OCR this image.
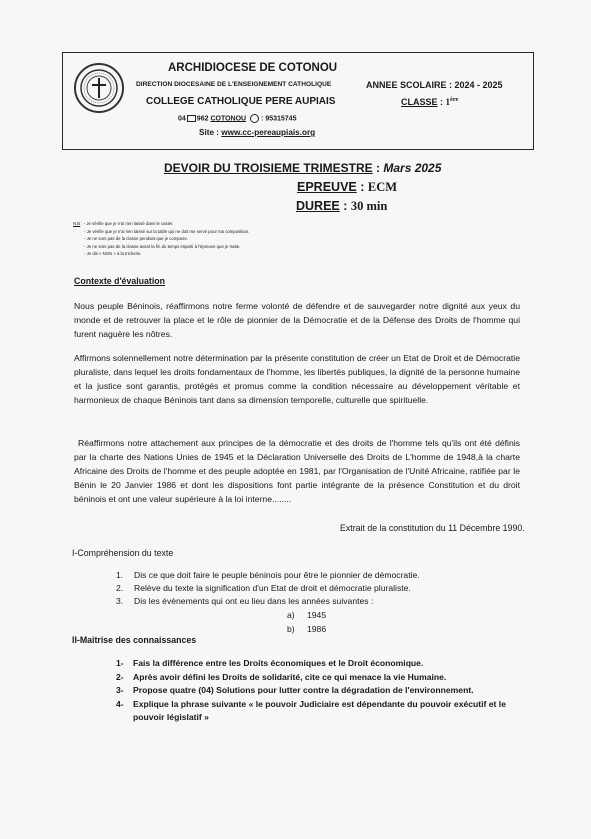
ARCHIDIOCESE DE COTONOU
DIRECTION DIOCESAINE DE L'ENSEIGNEMENT CATHOLIQUE
COLLEGE CATHOLIQUE PERE AUPIAIS
04 962 COTONOU : 95315745
Site : www.cc-pereaupiais.org
ANNEE SCOLAIRE : 2024 - 2025
CLASSE : 1ère
DEVOIR DU TROISIEME TRIMESTRE : Mars 2025
EPREUVE : ECM
DUREE : 30 min
N.B : - Je vérifie que je n'ai rien laissé dans le casier.
- Je vérifie que je n'ai rien laissé sur la table qui ne doit me servir pour ma composition.
- Je ne sors pas de la classe pendant que je compose.
- Je ne sors pas de la classe avant la fin du temps imparti à l'épreuve que je traite.
- Je dis « NON » à la tricherie.
Contexte d'évaluation
Nous peuple Béninois, réaffirmons notre ferme volonté de défendre et de sauvegarder notre dignité aux yeux du monde et de retrouver la place et le rôle de pionnier de la Démocratie et de la Défense des Droits de l'homme qui furent naguère les nôtres.
Affirmons solennellement notre détermination par la présente constitution de créer un Etat de Droit et de Démocratie pluraliste, dans lequel les droits fondamentaux de l'homme, les libertés publiques, la dignité de la personne humaine et la justice sont garantis, protégés et promus comme la condition nécessaire au développement véritable et harmonieux de chaque Béninois tant dans sa dimension temporelle, culturelle que spirituelle.
Réaffirmons notre attachement aux principes de la démocratie et des droits de l'homme tels qu'ils ont été définis par la charte des Nations Unies de 1945 et la Déclaration Universelle des Droits de L'homme de 1948,à la charte Africaine des Droits de l'homme et des peuple adoptée en 1981, par l'Organisation de l'Unité Africaine, ratifiée par le Bénin le 20 Janvier 1986 et dont les dispositions font partie intégrante de la présence Constitution et du droit béninois et ont une valeur supérieure à la loi interne........
Extrait de la constitution du 11 Décembre 1990.
I-Compréhension du texte
1. Dis ce que doit faire le peuple béninois pour être le pionnier de démocratie.
2. Relève du texte la signification d'un Etat de droit et démocratie pluraliste.
3. Dis les évènements qui ont eu lieu dans les années suivantes :
a) 1945
b) 1986
II-Maitrise des connaissances
1- Fais la différence entre les Droits économiques et le Droit économique.
2- Après avoir défini les Droits de solidarité, cite ce qui menace la vie Humaine.
3- Propose quatre (04) Solutions pour lutter contre la dégradation de l'environnement.
4- Explique la phrase suivante « le pouvoir Judiciaire est dépendante du pouvoir exécutif et le
pouvoir législatif »
